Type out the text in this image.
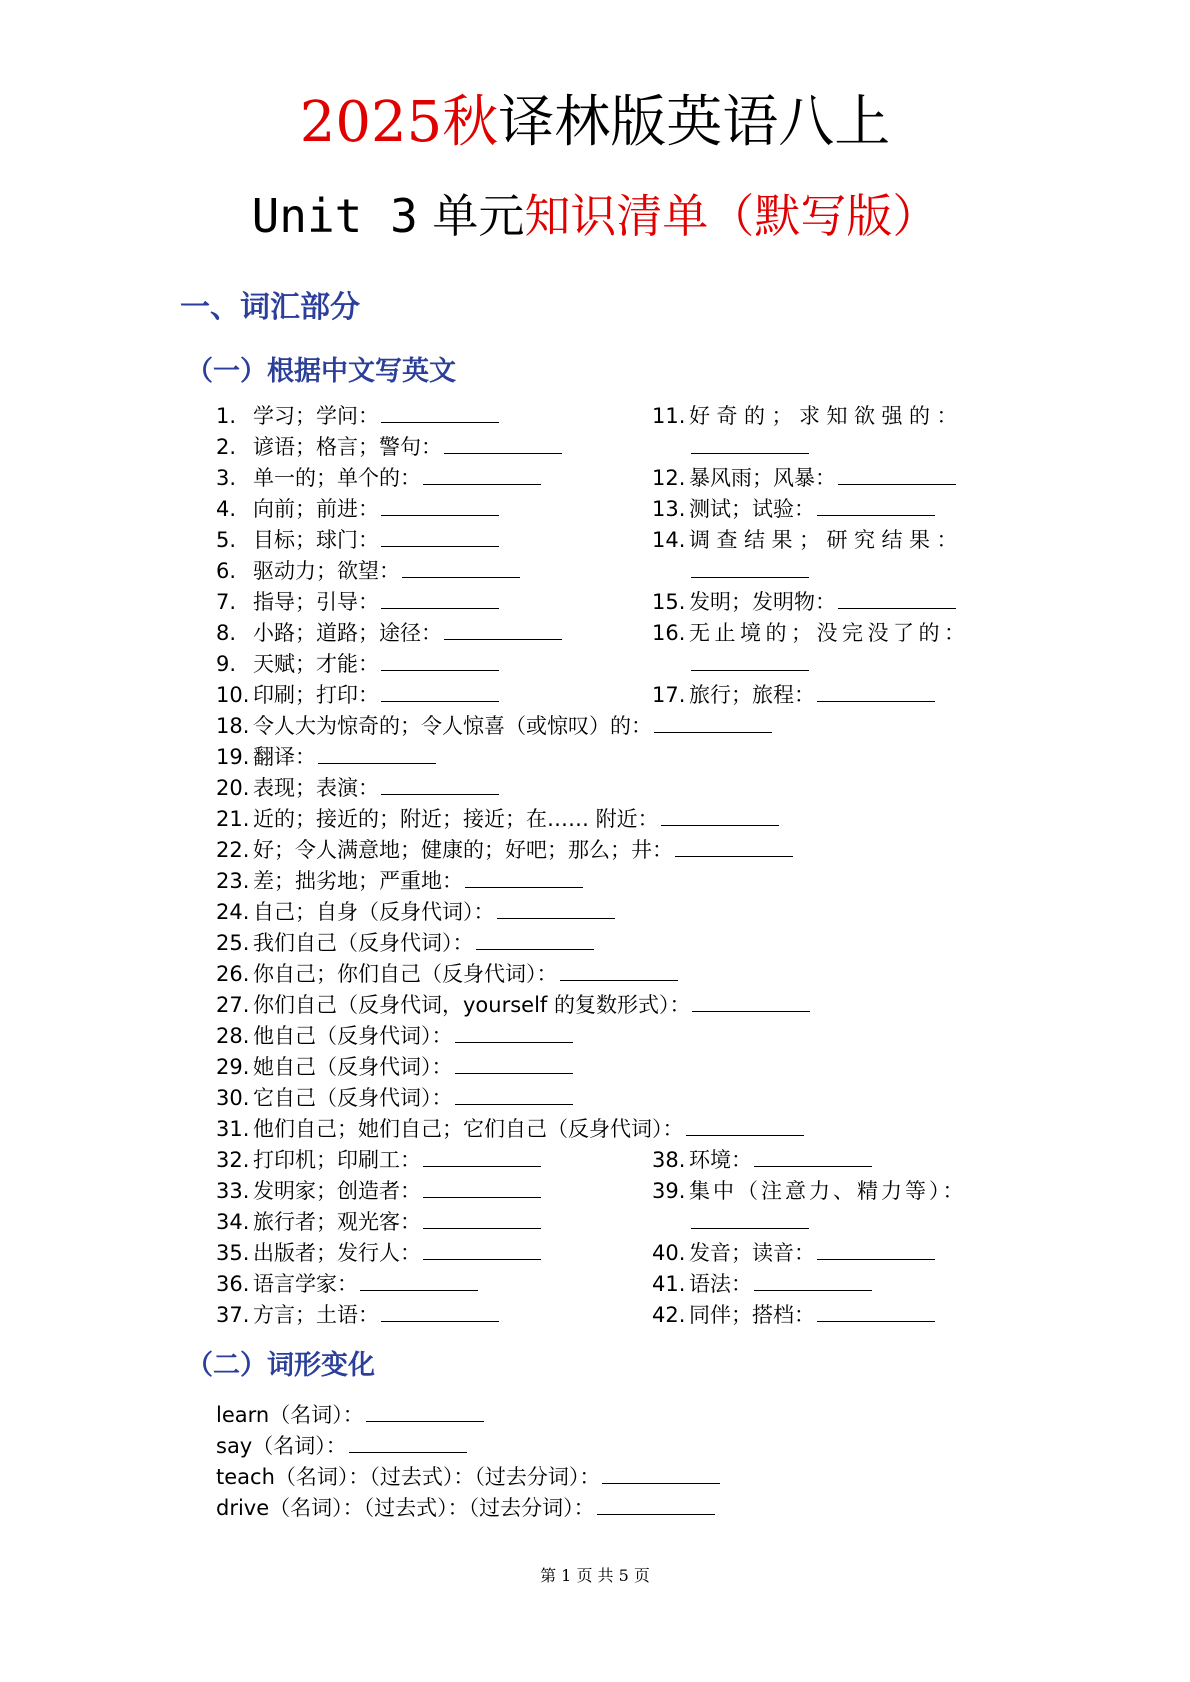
2025秋译林版英语八上
Unit 3 单元知识清单（默写版）
一、词汇部分
（一）根据中文写英文
1. 学习；学问：
2. 谚语；格言；警句：
3. 单一的；单个的：
4. 向前；前进：
5. 目标；球门：
6. 驱动力；欲望：
7. 指导；引导：
8. 小路；道路；途径：
9. 天赋；才能：
10. 印刷；打印：
11. 好奇的；求知欲强的：
12. 暴风雨；风暴：
13. 测试；试验：
14. 调查结果；研究结果：
15. 发明；发明物：
16. 无止境的；没完没了的：
17. 旅行；旅程：
18. 令人大为惊奇的；令人惊喜（或惊叹）的：
19. 翻译：
20. 表现；表演：
21. 近的；接近的；附近；接近；在…… 附近：
22. 好；令人满意地；健康的；好吧；那么；井：
23. 差；拙劣地；严重地：
24. 自己；自身（反身代词）：
25. 我们自己（反身代词）：
26. 你自己；你们自己（反身代词）：
27. 你们自己（反身代词，yourself 的复数形式）：
28. 他自己（反身代词）：
29. 她自己（反身代词）：
30. 它自己（反身代词）：
31. 他们自己；她们自己；它们自己（反身代词）：
32. 打印机；印刷工：
33. 发明家；创造者：
34. 旅行者；观光客：
35. 出版者；发行人：
36. 语言学家：
37. 方言；土语：
38. 环境：
39. 集中（注意力、精力等）：
40. 发音；读音：
41. 语法：
42. 同伴；搭档：
（二）词形变化
learn（名词）：
say（名词）：
teach（名词）：（过去式）：（过去分词）：
drive（名词）：（过去式）：（过去分词）：
第 1 页 共 5 页
